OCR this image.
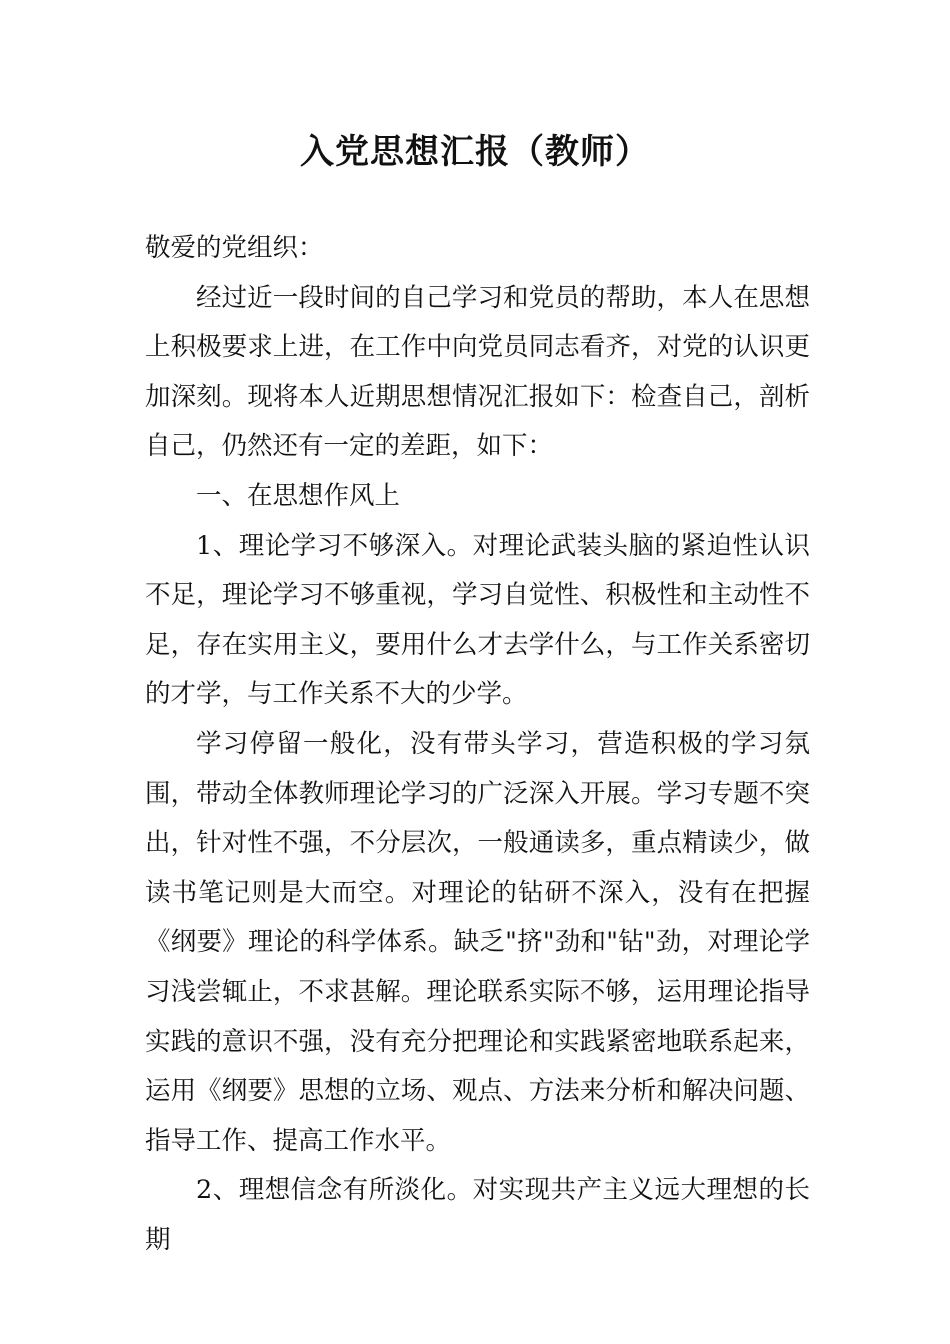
入党思想汇报（教师）

敬爱的党组织：

经过近一段时间的自己学习和党员的帮助，本人在思想上积极要求上进，在工作中向党员同志看齐，对党的认识更加深刻。现将本人近期思想情况汇报如下：检查自己，剖析自己，仍然还有一定的差距，如下：

一、在思想作风上

1、理论学习不够深入。对理论武装头脑的紧迫性认识不足，理论学习不够重视，学习自觉性、积极性和主动性不足，存在实用主义，要用什么才去学什么，与工作关系密切的才学，与工作关系不大的少学。

学习停留一般化，没有带头学习，营造积极的学习氛围，带动全体教师理论学习的广泛深入开展。学习专题不突出，针对性不强，不分层次，一般通读多，重点精读少，做读书笔记则是大而空。对理论的钻研不深入，没有在把握《纲要》理论的科学体系。缺乏"挤"劲和"钻"劲，对理论学习浅尝辄止，不求甚解。理论联系实际不够，运用理论指导实践的意识不强，没有充分把理论和实践紧密地联系起来，运用《纲要》思想的立场、观点、方法来分析和解决问题、指导工作、提高工作水平。

2、理想信念有所淡化。对实现共产主义远大理想的长期
